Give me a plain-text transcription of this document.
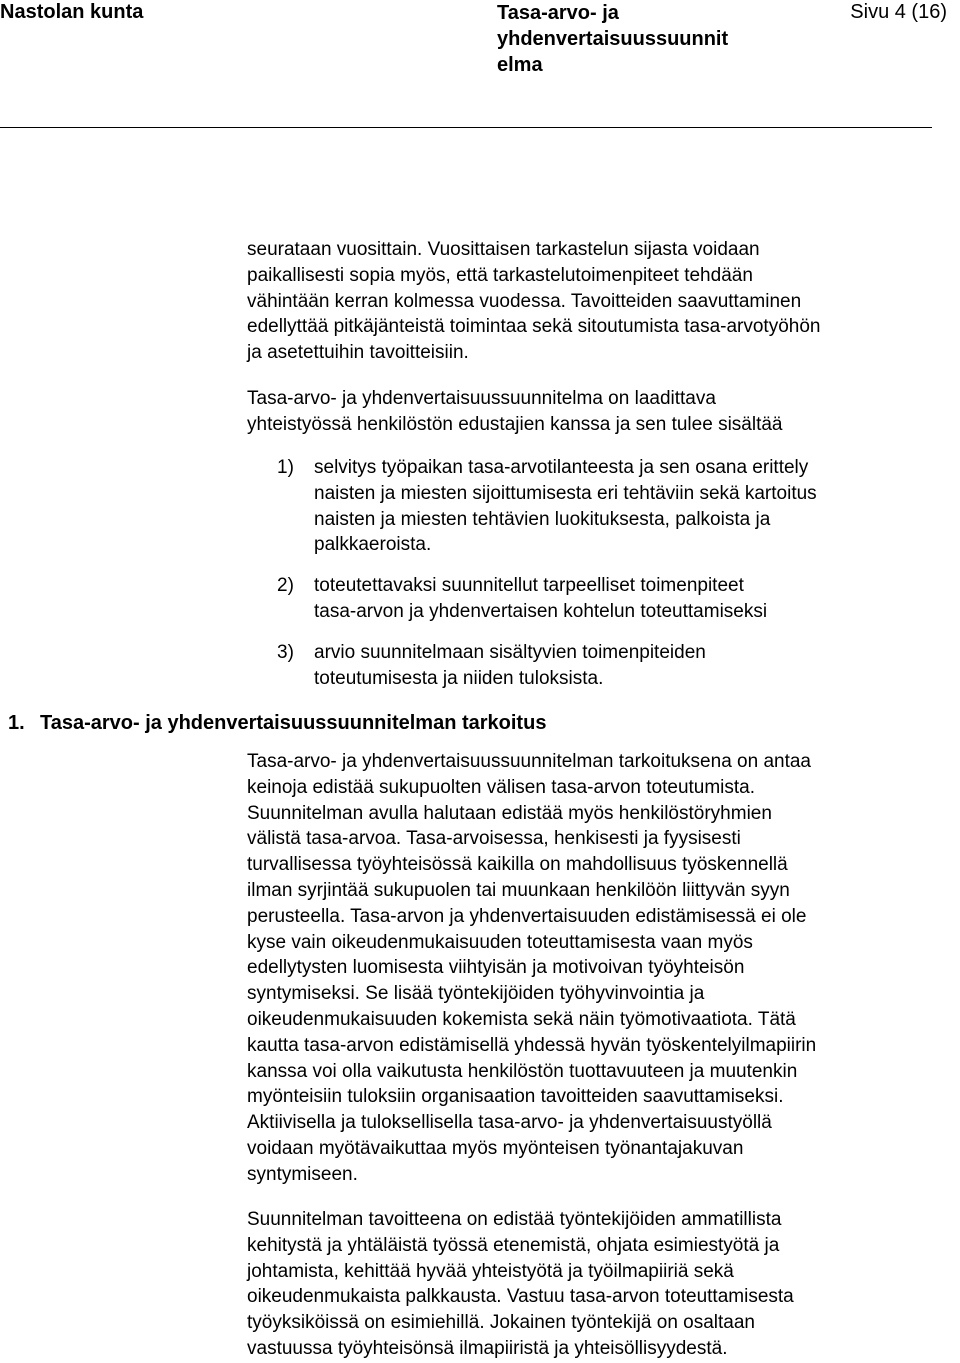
Nastolan kunta	Tasa-arvo- ja yhdenvertaisuussuunnit elma
Sivu 4 (16)

seurataan vuosittain. Vuosittaisen tarkastelun sijasta voidaan
paikallisesti sopia myös, että tarkastelutoimenpiteet tehdään
vähintään kerran kolmessa vuodessa. Tavoitteiden saavuttaminen
edellyttää pitkäjänteistä toimintaa sekä sitoutumista tasa-arvotyöhön
ja asetettuihin tavoitteisiin.

Tasa-arvo- ja yhdenvertaisuussuunnitelma on laadittava
yhteistyössä henkilöstön edustajien kanssa ja sen tulee sisältää

1) selvitys työpaikan tasa-arvotilanteesta ja sen osana erittely
naisten ja miesten sijoittumisesta eri tehtäviin sekä kartoitus
naisten ja miesten tehtävien luokituksesta, palkoista ja
palkkaeroista.

2) toteutettavaksi suunnitellut tarpeelliset toimenpiteet
tasa-arvon ja yhdenvertaisen kohtelun toteuttamiseksi

3) arvio suunnitelmaan sisältyvien toimenpiteiden
toteutumisesta ja niiden tuloksista.

1. Tasa-arvo- ja yhdenvertaisuussuunnitelman tarkoitus

Tasa-arvo- ja yhdenvertaisuussuunnitelman tarkoituksena on antaa
keinoja edistää sukupuolten välisen tasa-arvon toteutumista.
Suunnitelman avulla halutaan edistää myös henkilöstöryhmien
välistä tasa-arvoa. Tasa-arvoisessa, henkisesti ja fyysisesti
turvallisessa työyhteisössä kaikilla on mahdollisuus työskennellä
ilman syrjintää sukupuolen tai muunkaan henkilöön liittyvän syyn
perusteella. Tasa-arvon ja yhdenvertaisuuden edistämisessä ei ole
kyse vain oikeudenmukaisuuden toteuttamisesta vaan myös
edellytysten luomisesta viihtyisän ja motivoivan työyhteisön
syntymiseksi. Se lisää työntekijöiden työhyvinvointia ja
oikeudenmukaisuuden kokemista sekä näin työmotivaatiota. Tätä
kautta tasa-arvon edistämisellä yhdessä hyvän työskentelyilmapiirin
kanssa voi olla vaikutusta henkilöstön tuottavuuteen ja muutenkin
myönteisiin tuloksiin organisaation tavoitteiden saavuttamiseksi.
Aktiivisella ja tuloksellisella tasa-arvo- ja yhdenvertaisuustyöllä
voidaan myötävaikuttaa myös myönteisen työnantajakuvan
syntymiseen.

Suunnitelman tavoitteena on edistää työntekijöiden ammatillista
kehitystä ja yhtäläistä työssä etenemistä, ohjata esimiestyötä ja
johtamista, kehittää hyvää yhteistyötä ja työilmapiiriä sekä
oikeudenmukaista palkkausta. Vastuu tasa-arvon toteuttamisesta
työyksiköissä on esimiehillä. Jokainen työntekijä on osaltaan
vastuussa työyhteisönsä ilmapiiristä ja yhteisöllisyydestä.
